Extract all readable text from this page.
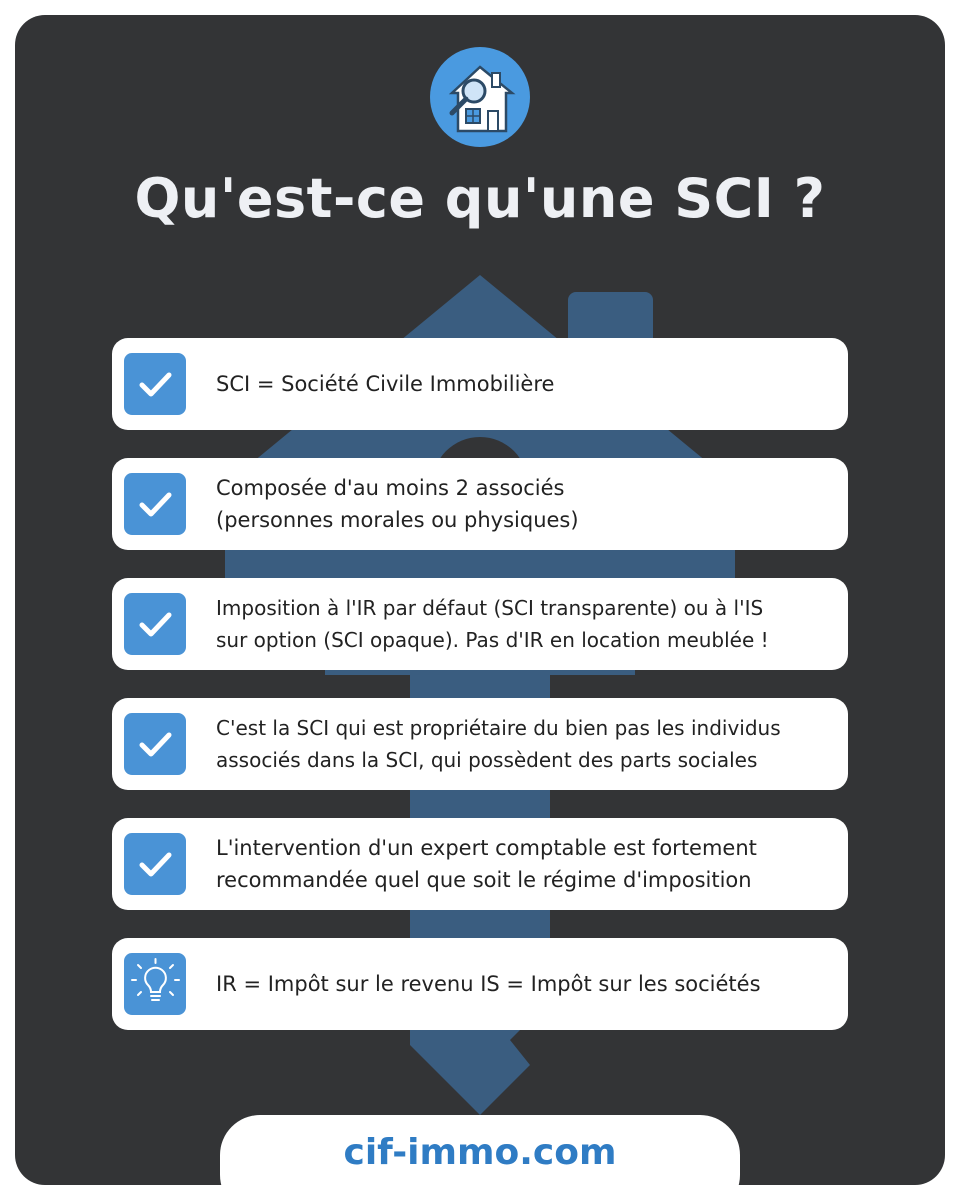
Qu'est-ce qu'une SCI ?
SCI = Société Civile Immobilière
Composée d'au moins 2 associés
(personnes morales ou physiques)
Imposition à l'IR par défaut (SCI transparente) ou à l'IS
sur option (SCI opaque). Pas d'IR en location meublée !
C'est la SCI qui est propriétaire du bien pas les individus
associés dans la SCI, qui possèdent des parts sociales
L'intervention d'un expert comptable est fortement
recommandée quel que soit le régime d'imposition
IR = Impôt sur le revenu IS = Impôt sur les sociétés
cif-immo.com
